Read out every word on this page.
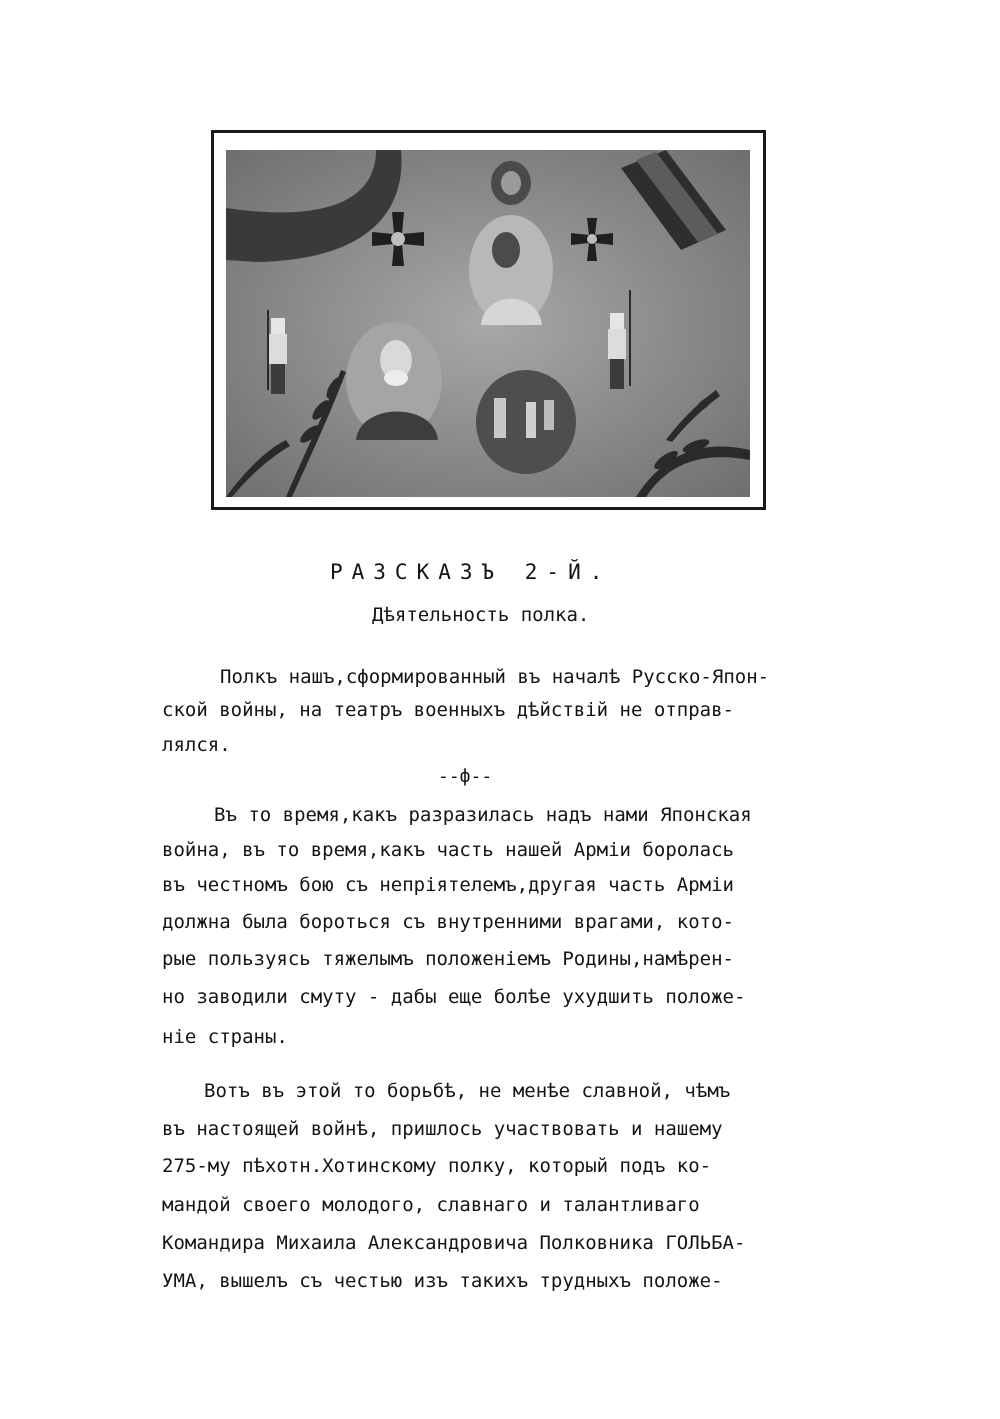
РАЗСКАЗЪ 2-Й.
Дѣятельность полка.
Полкъ нашъ,сформированный въ началѣ Русско-Япон-
ской войны, на театръ военныхъ дѣйствiй не отправ-
лялся.
--ф--
Въ то время,какъ разразилась надъ нами Японская
война, въ то время,какъ часть нашей Армiи боролась
въ честномъ бою съ непрiятелемъ,другая часть Армiи
должна была бороться съ внутренними врагами, кото-
рые пользуясь тяжелымъ положенiемъ Родины,намѣрен-
но заводили смуту - дабы еще болѣе ухудшить положе-
нiе страны.
Вотъ въ этой то борьбѣ, не менѣе славной, чѣмъ
въ настоящей войнѣ, пришлось участвовать и нашему
275-му пѣхотн.Хотинскому полку, который подъ ко-
мандой своего молодого, славнаго и талантливаго
Командира Михаила Александровича Полковника ГОЛЬБА-
УМА, вышелъ съ честью изъ такихъ трудныхъ положе-
